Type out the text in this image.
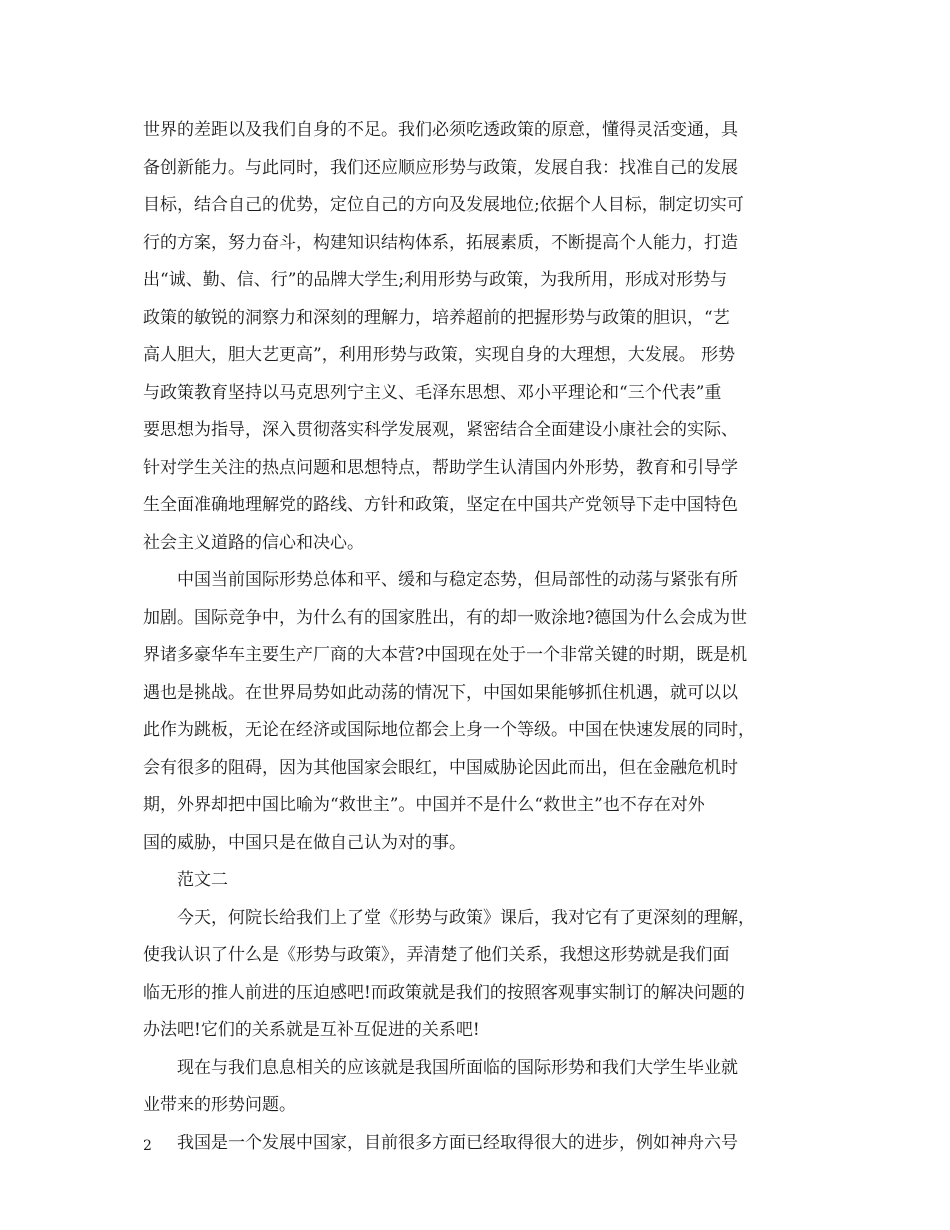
世界的差距以及我们自身的不足。我们必须吃透政策的原意，懂得灵活变通，具
备创新能力。与此同时，我们还应顺应形势与政策，发展自我：找准自己的发展
目标，结合自己的优势，定位自己的方向及发展地位;依据个人目标，制定切实可
行的方案，努力奋斗，构建知识结构体系，拓展素质，不断提高个人能力，打造
出“诚、勤、信、行”的品牌大学生;利用形势与政策，为我所用，形成对形势与
政策的敏锐的洞察力和深刻的理解力，培养超前的把握形势与政策的胆识，“艺
高人胆大，胆大艺更高”，利用形势与政策，实现自身的大理想，大发展。 形势
与政策教育坚持以马克思列宁主义、毛泽东思想、邓小平理论和“三个代表”重
要思想为指导，深入贯彻落实科学发展观，紧密结合全面建设小康社会的实际、
针对学生关注的热点问题和思想特点，帮助学生认清国内外形势，教育和引导学
生全面准确地理解党的路线、方针和政策，坚定在中国共产党领导下走中国特色
社会主义道路的信心和决心。
中国当前国际形势总体和平、缓和与稳定态势，但局部性的动荡与紧张有所
加剧。国际竞争中，为什么有的国家胜出，有的却一败涂地?德国为什么会成为世
界诸多豪华车主要生产厂商的大本营?中国现在处于一个非常关键的时期，既是机
遇也是挑战。在世界局势如此动荡的情况下，中国如果能够抓住机遇，就可以以
此作为跳板，无论在经济或国际地位都会上身一个等级。中国在快速发展的同时，
会有很多的阻碍，因为其他国家会眼红，中国威胁论因此而出，但在金融危机时
期，外界却把中国比喻为“救世主”。中国并不是什么“救世主”也不存在对外
国的威胁，中国只是在做自己认为对的事。
范文二
今天，何院长给我们上了堂《形势与政策》课后，我对它有了更深刻的理解，
使我认识了什么是《形势与政策》，弄清楚了他们关系，我想这形势就是我们面
临无形的推人前进的压迫感吧!而政策就是我们的按照客观事实制订的解决问题的
办法吧!它们的关系就是互补互促进的关系吧!
现在与我们息息相关的应该就是我国所面临的国际形势和我们大学生毕业就
业带来的形势问题。
我国是一个发展中国家，目前很多方面已经取得很大的进步，例如神舟六号
2
